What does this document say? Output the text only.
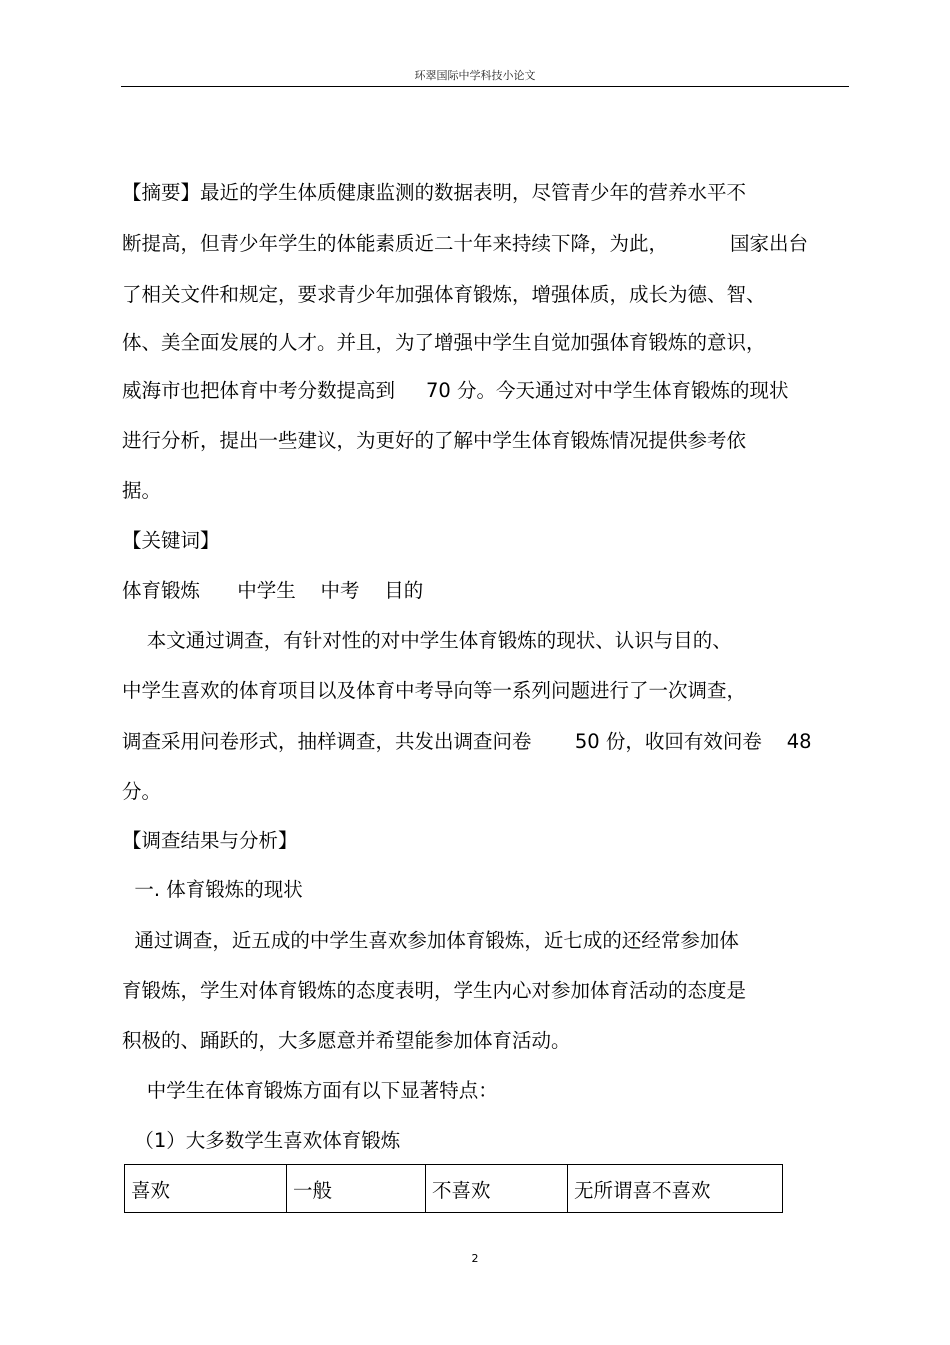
环翠国际中学科技小论文
【摘要】最近的学生体质健康监测的数据表明，尽管青少年的营养水平不
断提高，但青少年学生的体能素质近二十年来持续下降，为此，          国家出台
了相关文件和规定，要求青少年加强体育锻炼，增强体质，成长为德、智、
体、美全面发展的人才。并且，为了增强中学生自觉加强体育锻炼的意识，
威海市也把体育中考分数提高到     70 分。今天通过对中学生体育锻炼的现状
进行分析，提出一些建议，为更好的了解中学生体育锻炼情况提供参考依
据。
【关键词】
体育锻炼      中学生    中考    目的
本文通过调查，有针对性的对中学生体育锻炼的现状、认识与目的、
中学生喜欢的体育项目以及体育中考导向等一系列问题进行了一次调查，
调查采用问卷形式，抽样调查，共发出调查问卷       50 份，收回有效问卷    48
分。
【调查结果与分析】
一. 体育锻炼的现状
通过调查，近五成的中学生喜欢参加体育锻炼，近七成的还经常参加体
育锻炼，学生对体育锻炼的态度表明，学生内心对参加体育活动的态度是
积极的、踊跃的，大多愿意并希望能参加体育活动。
中学生在体育锻炼方面有以下显著特点：
（1）大多数学生喜欢体育锻炼
喜欢	一般	不喜欢	无所谓喜不喜欢
2
